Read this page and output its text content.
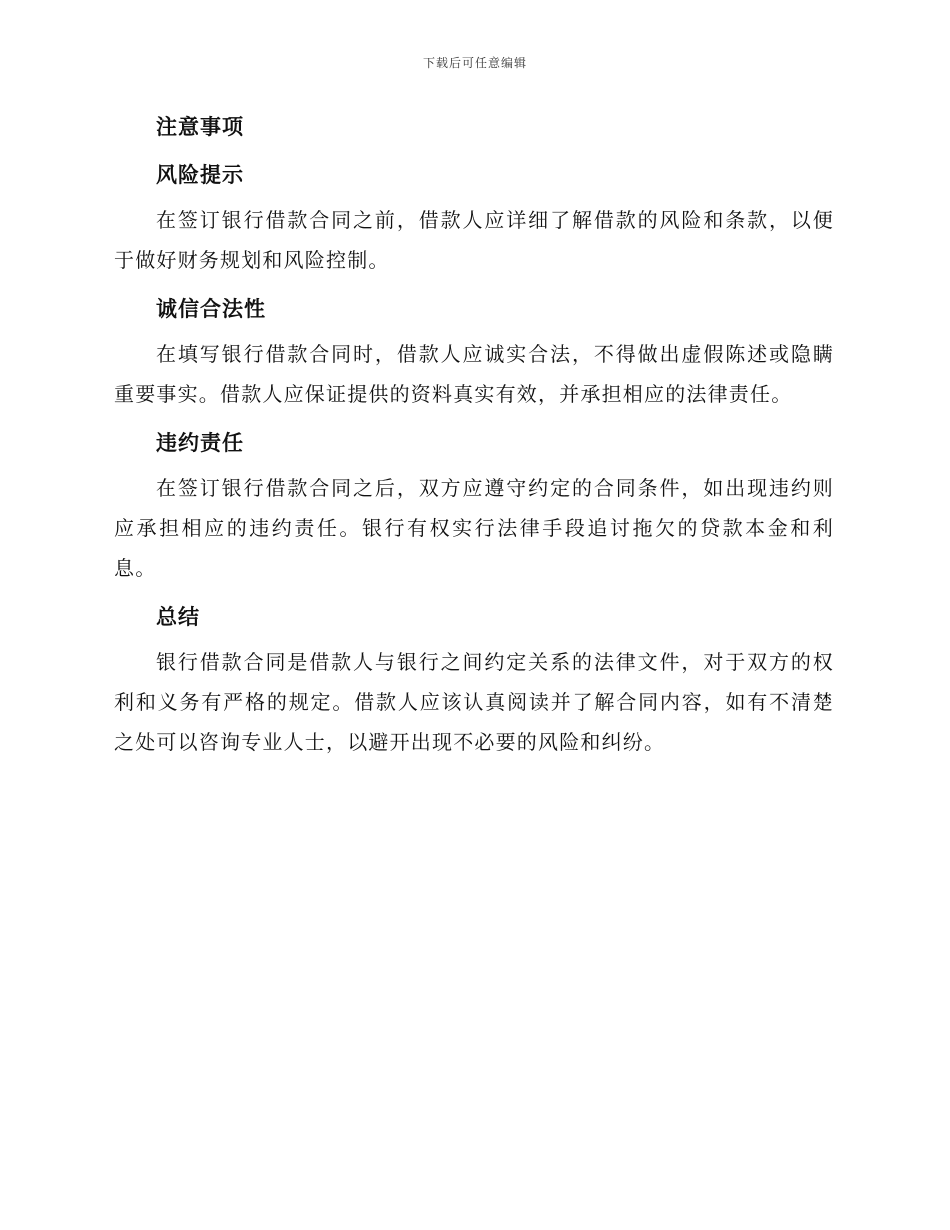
下载后可任意编辑
注意事项
风险提示

在签订银行借款合同之前，借款人应详细了解借款的风险和条款，以便于做好财务规划和风险控制。

诚信合法性

在填写银行借款合同时，借款人应诚实合法，不得做出虚假陈述或隐瞒重要事实。借款人应保证提供的资料真实有效，并承担相应的法律责任。

违约责任

在签订银行借款合同之后，双方应遵守约定的合同条件，如出现违约则应承担相应的违约责任。银行有权实行法律手段追讨拖欠的贷款本金和利息。

总结

银行借款合同是借款人与银行之间约定关系的法律文件，对于双方的权利和义务有严格的规定。借款人应该认真阅读并了解合同内容，如有不清楚之处可以咨询专业人士，以避开出现不必要的风险和纠纷。
